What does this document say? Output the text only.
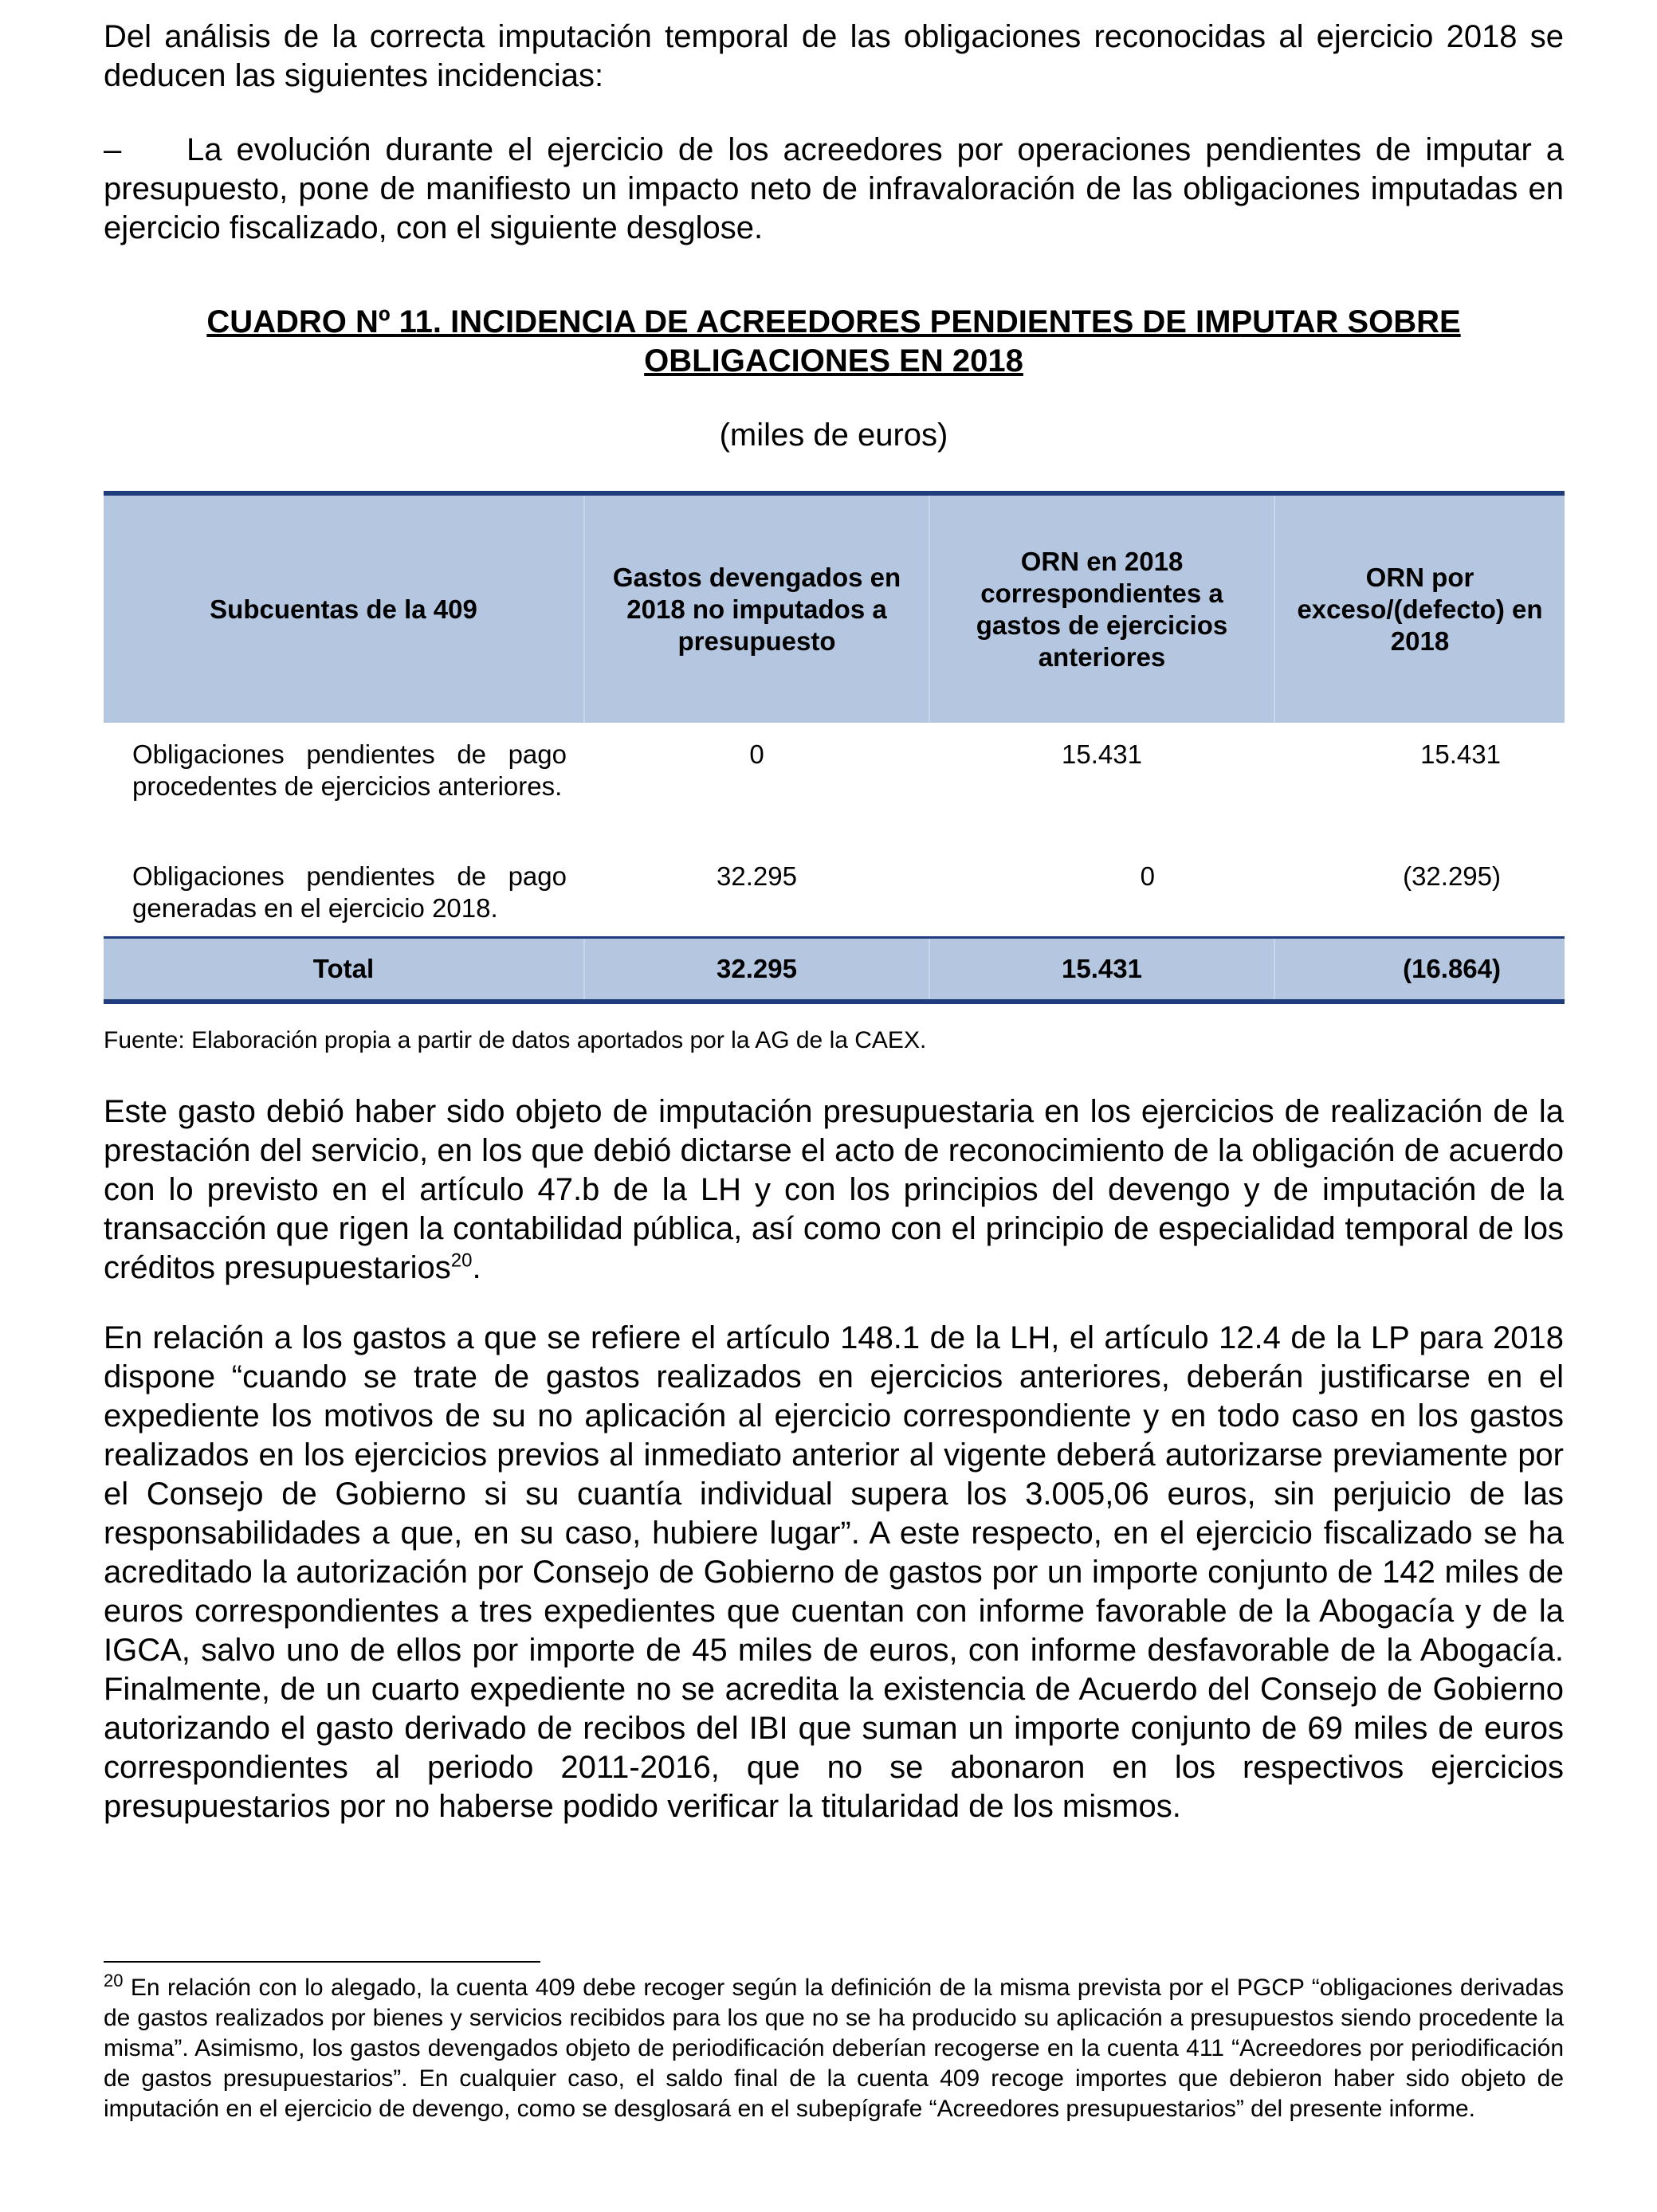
Del análisis de la correcta imputación temporal de las obligaciones reconocidas al ejercicio 2018 se deducen las siguientes incidencias:

– La evolución durante el ejercicio de los acreedores por operaciones pendientes de imputar a presupuesto, pone de manifiesto un impacto neto de infravaloración de las obligaciones imputadas en ejercicio fiscalizado, con el siguiente desglose.

CUADRO Nº 11. INCIDENCIA DE ACREEDORES PENDIENTES DE IMPUTAR SOBRE
OBLIGACIONES EN 2018
(miles de euros)
Subcuentas de la 409	Gastos devengados en 2018 no imputados a presupuesto	ORN en 2018 correspondientes a gastos de ejercicios anteriores	ORN por exceso/(defecto) en 2018
Obligaciones pendientes de pago procedentes de ejercicios anteriores.	0	15.431	15.431
Obligaciones pendientes de pago generadas en el ejercicio 2018.	32.295	0	(32.295)
Total	32.295	15.431	(16.864)
Fuente: Elaboración propia a partir de datos aportados por la AG de la CAEX.

Este gasto debió haber sido objeto de imputación presupuestaria en los ejercicios de realización de la prestación del servicio, en los que debió dictarse el acto de reconocimiento de la obligación de acuerdo con lo previsto en el artículo 47.b de la LH y con los principios del devengo y de imputación de la transacción que rigen la contabilidad pública, así como con el principio de especialidad temporal de los créditos presupuestarios$^{20}$.

En relación a los gastos a que se refiere el artículo 148.1 de la LH, el artículo 12.4 de la LP para 2018 dispone “cuando se trate de gastos realizados en ejercicios anteriores, deberán justificarse en el expediente los motivos de su no aplicación al ejercicio correspondiente y en todo caso en los gastos realizados en los ejercicios previos al inmediato anterior al vigente deberá autorizarse previamente por el Consejo de Gobierno si su cuantía individual supera los 3.005,06 euros, sin perjuicio de las responsabilidades a que, en su caso, hubiere lugar”. A este respecto, en el ejercicio fiscalizado se ha acreditado la autorización por Consejo de Gobierno de gastos por un importe conjunto de 142 miles de euros correspondientes a tres expedientes que cuentan con informe favorable de la Abogacía y de la IGCA, salvo uno de ellos por importe de 45 miles de euros, con informe desfavorable de la Abogacía. Finalmente, de un cuarto expediente no se acredita la existencia de Acuerdo del Consejo de Gobierno autorizando el gasto derivado de recibos del IBI que suman un importe conjunto de 69 miles de euros correspondientes al periodo 2011-2016, que no se abonaron en los respectivos ejercicios presupuestarios por no haberse podido verificar la titularidad de los mismos.

$^{20}$ En relación con lo alegado, la cuenta 409 debe recoger según la definición de la misma prevista por el PGCP “obligaciones derivadas de gastos realizados por bienes y servicios recibidos para los que no se ha producido su aplicación a presupuestos siendo procedente la misma”. Asimismo, los gastos devengados objeto de periodificación deberían recogerse en la cuenta 411 “Acreedores por periodificación de gastos presupuestarios”. En cualquier caso, el saldo final de la cuenta 409 recoge importes que debieron haber sido objeto de imputación en el ejercicio de devengo, como se desglosará en el subepígrafe “Acreedores presupuestarios” del presente informe.
